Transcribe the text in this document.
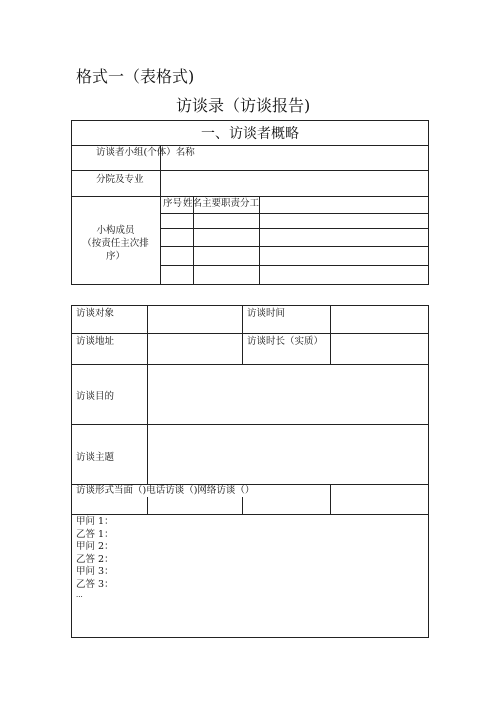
格式一（表格式)
访谈录（访谈报告)
一、访谈者概略
访谈者小组(个体）名称
分院及专业
小构成员
（按责任主次排
序）
序号 姓名 主要职责分工
访谈对象	访谈时间
访谈地址	访谈时长（实质）
访谈目的
访谈主题
访谈形式当面（)电话访谈（)网络访谈（）
甲问 1：
乙答 1：
甲问 2：
乙答 2：
甲问 3：
乙答 3：
...
